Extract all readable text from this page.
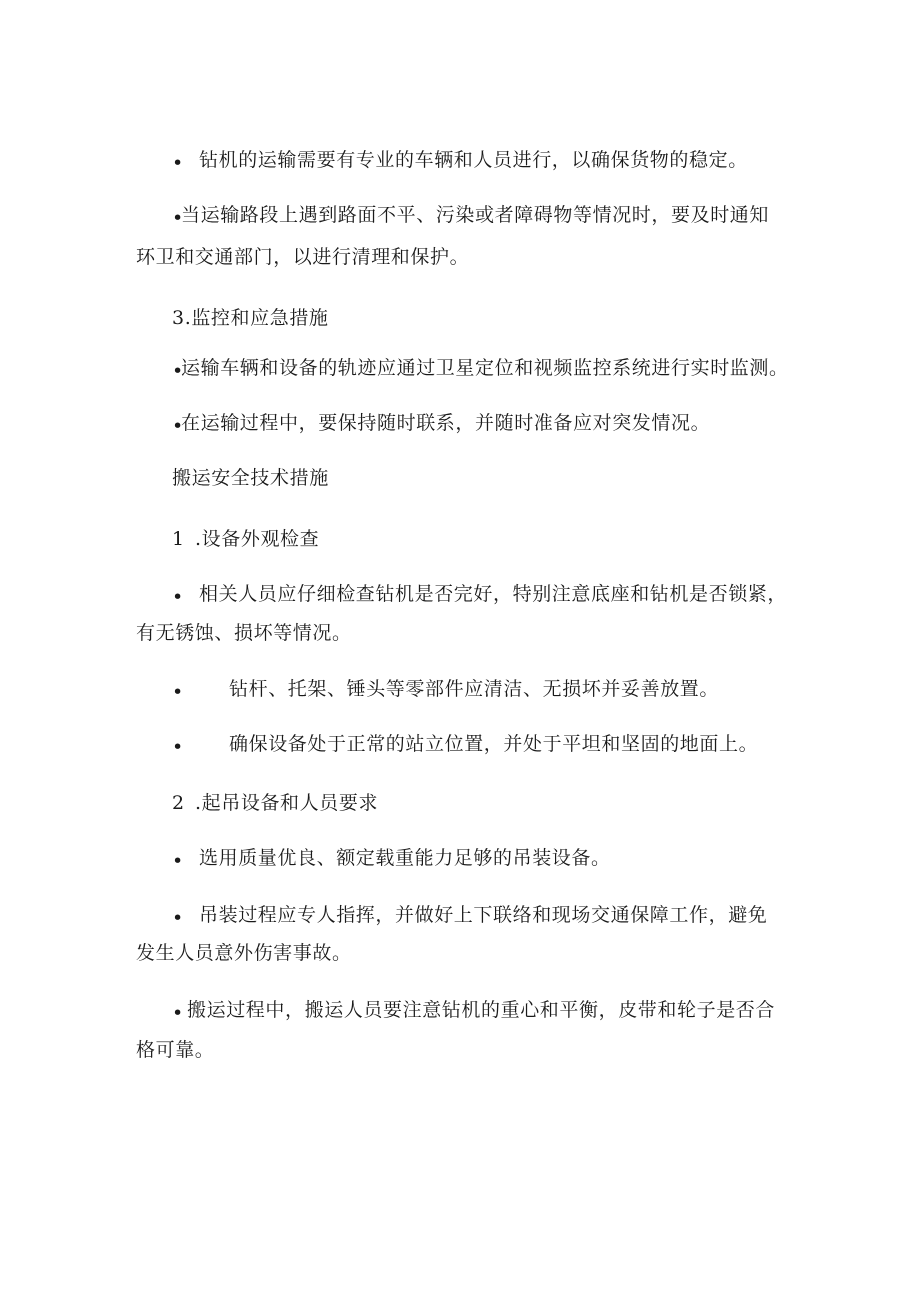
• 钻机的运输需要有专业的车辆和人员进行，以确保货物的稳定。
•
当运输路段上遇到路面不平、污染或者障碍物等情况时，要及时通知
环卫和交通部门，以进行清理和保护。
3.监控和应急措施
•
运输车辆和设备的轨迹应通过卫星定位和视频监控系统进行实时监测。
•
在运输过程中，要保持随时联系，并随时准备应对突发情况。
搬运安全技术措施
1 .设备外观检查
• 相关人员应仔细检查钻机是否完好，特别注意底座和钻机是否锁紧，
有无锈蚀、损坏等情况。
• 钻杆、托架、锤头等零部件应清洁、无损坏并妥善放置。
• 确保设备处于正常的站立位置，并处于平坦和坚固的地面上。
2 .起吊设备和人员要求
• 选用质量优良、额定载重能力足够的吊装设备。
• 吊装过程应专人指挥，并做好上下联络和现场交通保障工作，避免
发生人员意外伤害事故。
• 搬运过程中，搬运人员要注意钻机的重心和平衡，皮带和轮子是否合
格可靠。
